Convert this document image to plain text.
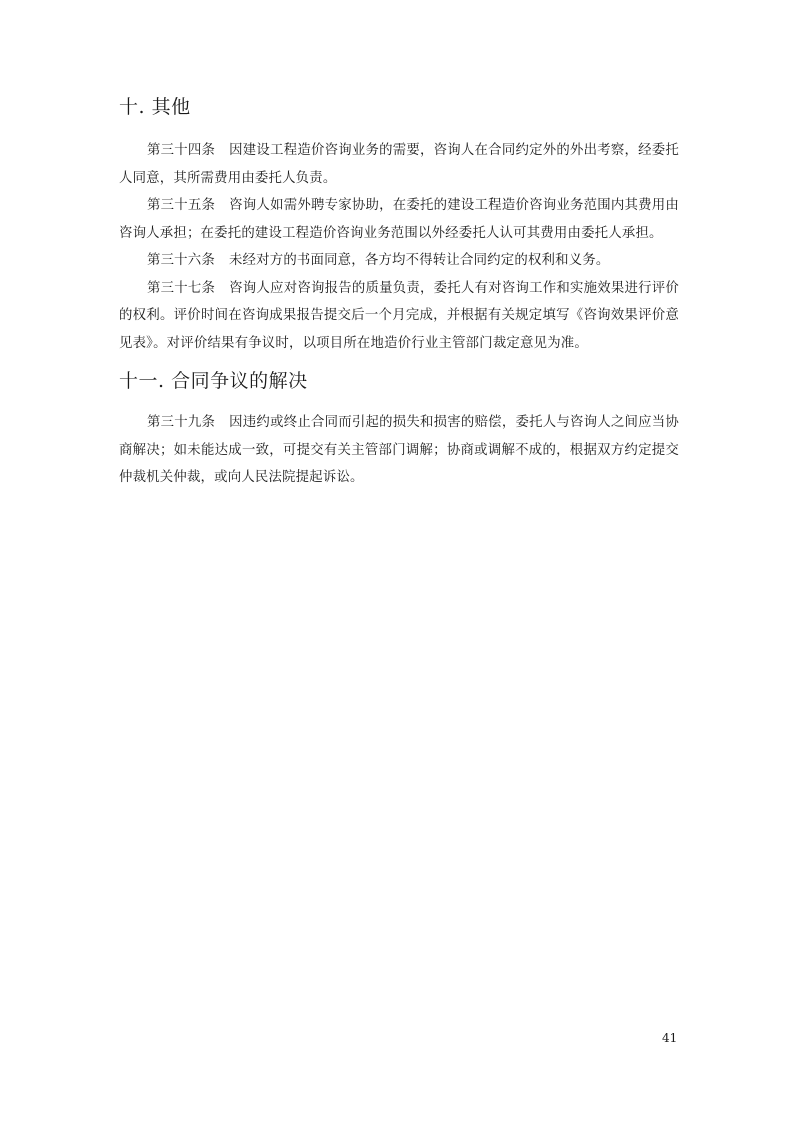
十. 其他

第三十四条 因建设工程造价咨询业务的需要，咨询人在合同约定外的外出考察，经委托人同意，其所需费用由委托人负责。

第三十五条 咨询人如需外聘专家协助，在委托的建设工程造价咨询业务范围内其费用由咨询人承担；在委托的建设工程造价咨询业务范围以外经委托人认可其费用由委托人承担。

第三十六条 未经对方的书面同意，各方均不得转让合同约定的权利和义务。

第三十七条 咨询人应对咨询报告的质量负责，委托人有对咨询工作和实施效果进行评价的权利。评价时间在咨询成果报告提交后一个月完成，并根据有关规定填写《咨询效果评价意见表》。对评价结果有争议时，以项目所在地造价行业主管部门裁定意见为准。

十一. 合同争议的解决

第三十九条 因违约或终止合同而引起的损失和损害的赔偿，委托人与咨询人之间应当协商解决；如未能达成一致，可提交有关主管部门调解；协商或调解不成的，根据双方约定提交仲裁机关仲裁，或向人民法院提起诉讼。

41
